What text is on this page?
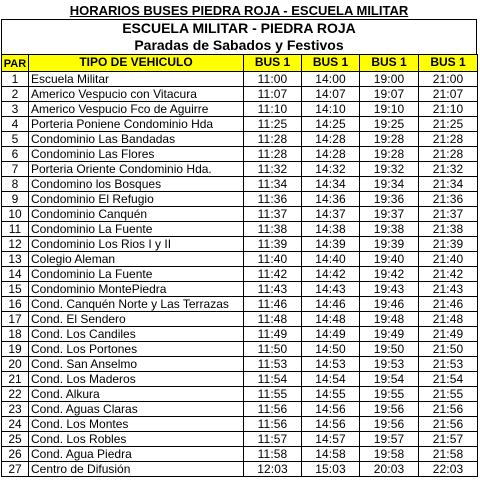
HORARIOS BUSES PIEDRA ROJA - ESCUELA MILITAR
ESCUELA MILITAR - PIEDRA ROJA
Paradas de Sabados y Festivos
PAR	TIPO DE VEHICULO	BUS 1	BUS 1	BUS 1	BUS 1
1	Escuela Militar	11:00	14:00	19:00	21:00
2	Americo Vespucio con Vitacura	11:07	14:07	19:07	21:07
3	Americo Vespucio Fco de Aguirre	11:10	14:10	19:10	21:10
4	Porteria Poniene Condominio Hda	11:25	14:25	19:25	21:25
5	Condominio Las Bandadas	11:28	14:28	19:28	21:28
6	Condominio Las Flores	11:28	14:28	19:28	21:28
7	Porteria Oriente Condominio Hda.	11:32	14:32	19:32	21:32
8	Condomino los Bosques	11:34	14:34	19:34	21:34
9	Condominio El Refugio	11:36	14:36	19:36	21:36
10	Condominio Canquén	11:37	14:37	19:37	21:37
11	Condominio La Fuente	11:38	14:38	19:38	21:38
12	Condominio Los Rios I y II	11:39	14:39	19:39	21:39
13	Colegio Aleman	11:40	14:40	19:40	21:40
14	Condominio La Fuente	11:42	14:42	19:42	21:42
15	Condominio MontePiedra	11:43	14:43	19:43	21:43
16	Cond. Canquén Norte y Las Terrazas	11:46	14:46	19:46	21:46
17	Cond. El Sendero	11:48	14:48	19:48	21:48
18	Cond. Los Candiles	11:49	14:49	19:49	21:49
19	Cond. Los Portones	11:50	14:50	19:50	21:50
20	Cond. San Anselmo	11:53	14:53	19:53	21:53
21	Cond. Los Maderos	11:54	14:54	19:54	21:54
22	Cond. Alkura	11:55	14:55	19:55	21:55
23	Cond. Aguas Claras	11:56	14:56	19:56	21:56
24	Cond. Los Montes	11:56	14:56	19:56	21:56
25	Cond. Los Robles	11:57	14:57	19:57	21:57
26	Cond. Agua Piedra	11:58	14:58	19:58	21:58
27	Centro de Difusión	12:03	15:03	20:03	22:03
